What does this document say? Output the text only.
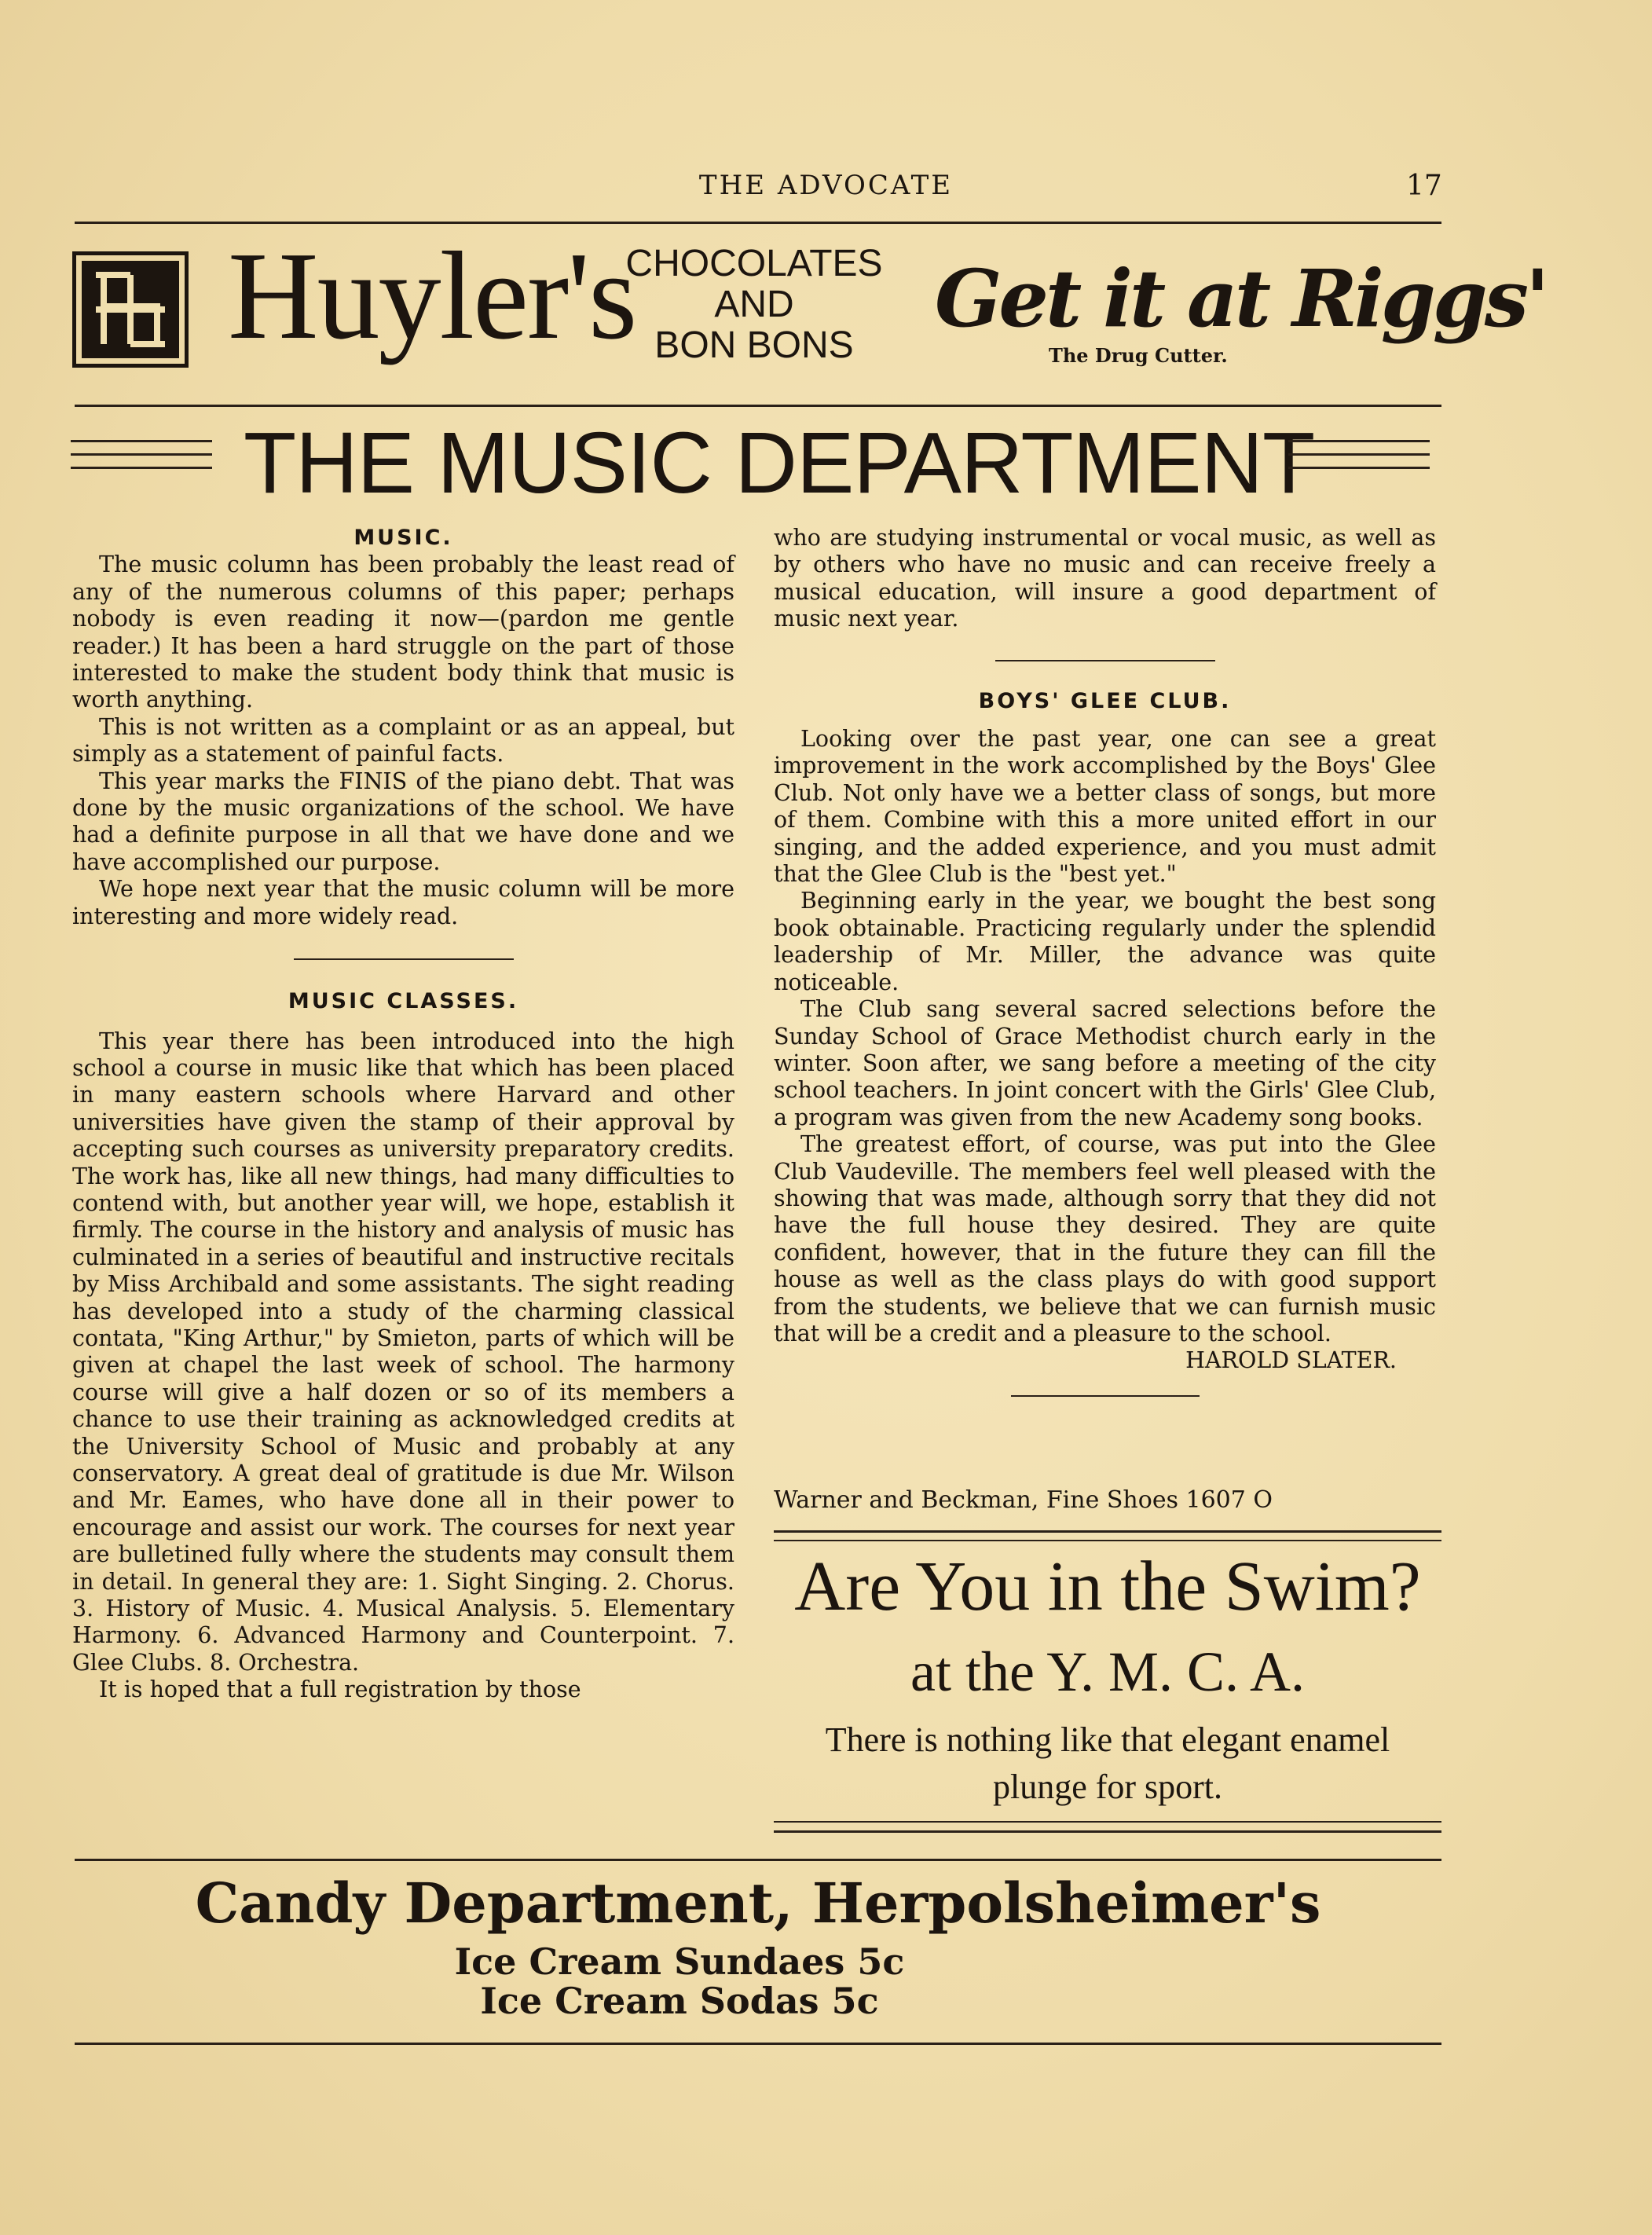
THE ADVOCATE	17
Huyler's
CHOCOLATES
AND
BON BONS
Get it at Riggs'
The Drug Cutter.
THE MUSIC DEPARTMENT

MUSIC.

The music column has been probably the least read of any of the numerous columns of this paper; perhaps nobody is even reading it now—(pardon me gentle reader.) It has been a hard struggle on the part of those interested to make the student body think that music is worth anything.

This is not written as a complaint or as an appeal, but simply as a statement of painful facts.

This year marks the FINIS of the piano debt. That was done by the music organizations of the school. We have had a definite purpose in all that we have done and we have accomplished our purpose.

We hope next year that the music column will be more interesting and more widely read.

MUSIC CLASSES.

This year there has been introduced into the high school a course in music like that which has been placed in many eastern schools where Harvard and other universities have given the stamp of their approval by accepting such courses as university preparatory credits. The work has, like all new things, had many difficulties to contend with, but another year will, we hope, establish it firmly. The course in the history and analysis of music has culminated in a series of beautiful and instructive recitals by Miss Archibald and some assistants. The sight reading has developed into a study of the charming classical contata, "King Arthur," by Smieton, parts of which will be given at chapel the last week of school. The harmony course will give a half dozen or so of its members a chance to use their training as acknowledged credits at the University School of Music and probably at any conservatory. A great deal of gratitude is due Mr. Wilson and Mr. Eames, who have done all in their power to encourage and assist our work. The courses for next year are bulletined fully where the students may consult them in detail. In general they are: 1. Sight Singing. 2. Chorus. 3. History of Music. 4. Musical Analysis. 5. Elementary Harmony. 6. Advanced Harmony and Counterpoint. 7. Glee Clubs. 8. Orchestra.

It is hoped that a full registration by those

who are studying instrumental or vocal music, as well as by others who have no music and can receive freely a musical education, will insure a good department of music next year.

BOYS' GLEE CLUB.

Looking over the past year, one can see a great improvement in the work accomplished by the Boys' Glee Club. Not only have we a better class of songs, but more of them. Combine with this a more united effort in our singing, and the added experience, and you must admit that the Glee Club is the "best yet."

Beginning early in the year, we bought the best song book obtainable. Practicing regularly under the splendid leadership of Mr. Miller, the advance was quite noticeable.

The Club sang several sacred selections before the Sunday School of Grace Methodist church early in the winter. Soon after, we sang before a meeting of the city school teachers. In joint concert with the Girls' Glee Club, a program was given from the new Academy song books.

The greatest effort, of course, was put into the Glee Club Vaudeville. The members feel well pleased with the showing that was made, although sorry that they did not have the full house they desired. They are quite confident, however, that in the future they can fill the house as well as the class plays do with good support from the students, we believe that we can furnish music that will be a credit and a pleasure to the school.

HAROLD SLATER.

Warner and Beckman, Fine Shoes 1607 O
Are You in the Swim?
at the Y. M. C. A.
There is nothing like that elegant enamel
plunge for sport.
Candy Department, Herpolsheimer's
Ice Cream Sundaes 5c
Ice Cream Sodas 5c
